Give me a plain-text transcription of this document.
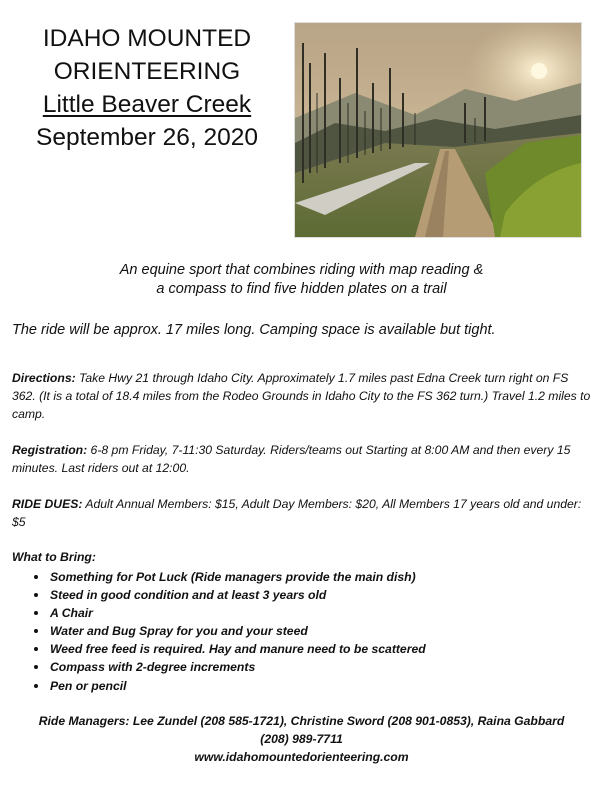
IDAHO MOUNTED
ORIENTEERING
Little Beaver Creek
September 26, 2020
An equine sport that combines riding with map reading &
a compass to find five hidden plates on a trail
The ride will be approx. 17 miles long. Camping space is available but tight.
Directions: Take Hwy 21 through Idaho City. Approximately 1.7 miles past Edna Creek turn right on FS 362. (It is a total of 18.4 miles from the Rodeo Grounds in Idaho City to the FS 362 turn.) Travel 1.2 miles to camp.
Registration: 6-8 pm Friday, 7-11:30 Saturday. Riders/teams out Starting at 8:00 AM and then every 15 minutes. Last riders out at 12:00.
RIDE DUES: Adult Annual Members: $15, Adult Day Members: $20, All Members 17 years old and under: $5
What to Bring:
Something for Pot Luck (Ride managers provide the main dish)
Steed in good condition and at least 3 years old
A Chair
Water and Bug Spray for you and your steed
Weed free feed is required. Hay and manure need to be scattered
Compass with 2-degree increments
Pen or pencil
Ride Managers: Lee Zundel (208 585-1721), Christine Sword (208 901-0853), Raina Gabbard
(208) 989-7711
www.idahomountedorienteering.com
